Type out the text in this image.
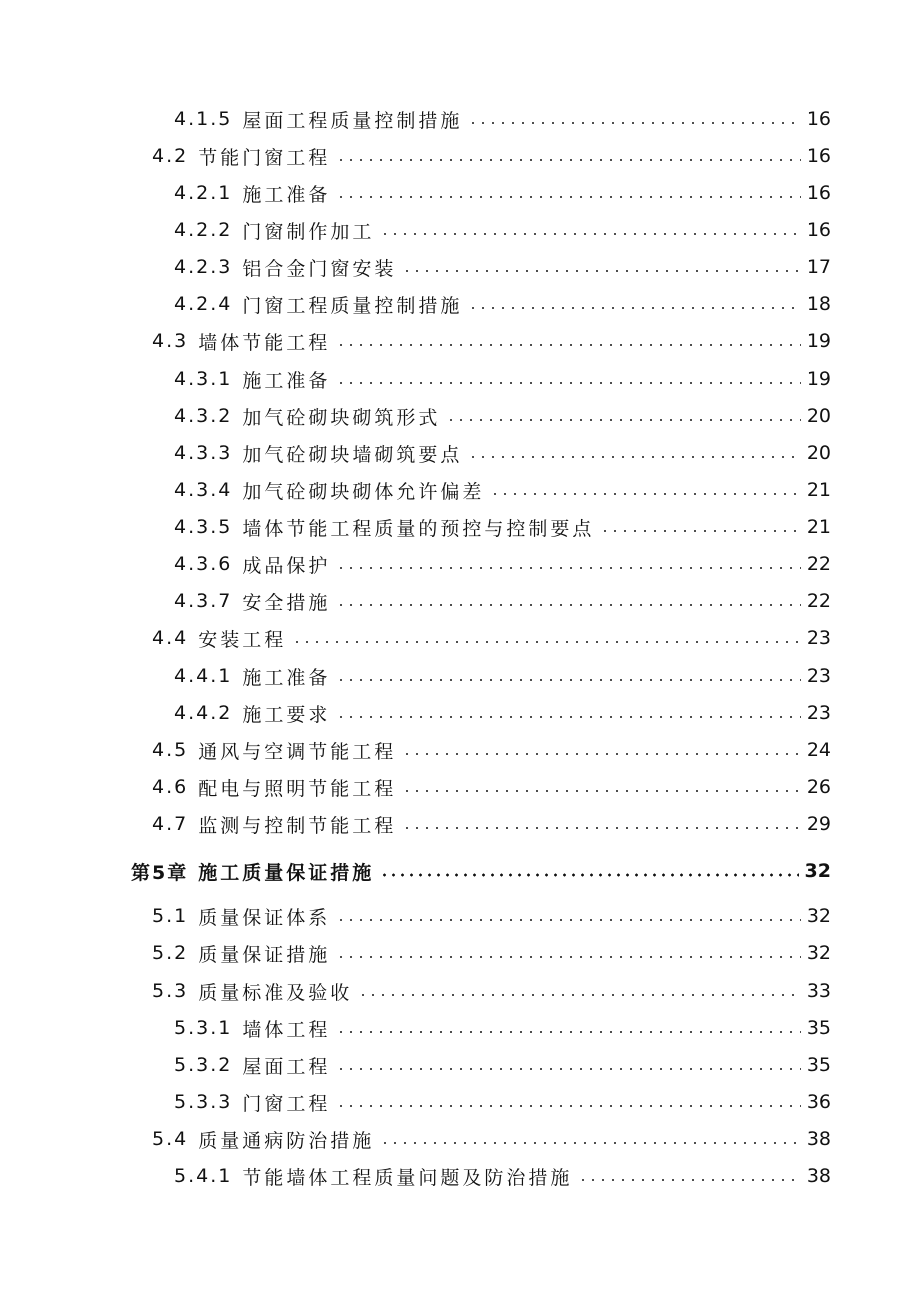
4.1.5 屋面工程质量控制措施	16
4.2 节能门窗工程	16
4.2.1 施工准备	16
4.2.2 门窗制作加工	16
4.2.3 铝合金门窗安装	17
4.2.4 门窗工程质量控制措施	18
4.3 墙体节能工程	19
4.3.1 施工准备	19
4.3.2 加气砼砌块砌筑形式	20
4.3.3 加气砼砌块墙砌筑要点	20
4.3.4 加气砼砌块砌体允许偏差	21
4.3.5 墙体节能工程质量的预控与控制要点	21
4.3.6 成品保护	22
4.3.7 安全措施	22
4.4 安装工程	23
4.4.1 施工准备	23
4.4.2 施工要求	23
4.5 通风与空调节能工程	24
4.6 配电与照明节能工程	26
4.7 监测与控制节能工程	29
第5章 施工质量保证措施	32
5.1 质量保证体系	32
5.2 质量保证措施	32
5.3 质量标准及验收	33
5.3.1 墙体工程	35
5.3.2 屋面工程	35
5.3.3 门窗工程	36
5.4 质量通病防治措施	38
5.4.1 节能墙体工程质量问题及防治措施	38
